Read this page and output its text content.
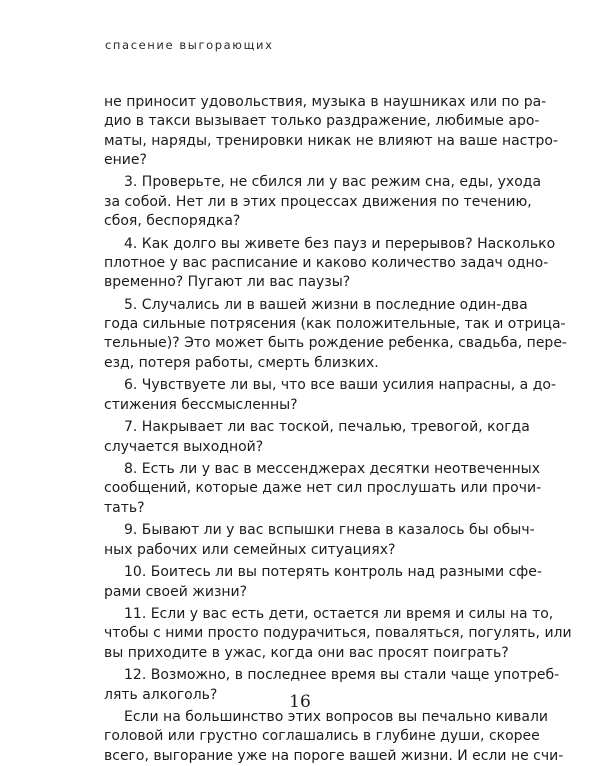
спасение выгорающих
не приносит удовольствия, музыка в наушниках или по ра-
дио в такси вызывает только раздражение, любимые аро-
маты, наряды, тренировки никак не влияют на ваше настро-
ение?
3. Проверьте, не сбился ли у вас режим сна, еды, ухода
за собой. Нет ли в этих процессах движения по течению,
сбоя, беспорядка?
4. Как долго вы живете без пауз и перерывов? Насколько
плотное у вас расписание и каково количество задач одно-
временно? Пугают ли вас паузы?
5. Случались ли в вашей жизни в последние один-два
года сильные потрясения (как положительные, так и отрица-
тельные)? Это может быть рождение ребенка, свадьба, пере-
езд, потеря работы, смерть близких.
6. Чувствуете ли вы, что все ваши усилия напрасны, а до-
стижения бессмысленны?
7. Накрывает ли вас тоской, печалью, тревогой, когда
случается выходной?
8. Есть ли у вас в мессенджерах десятки неотвеченных
сообщений, которые даже нет сил прослушать или прочи-
тать?
9. Бывают ли у вас вспышки гнева в казалось бы обыч-
ных рабочих или семейных ситуациях?
10. Боитесь ли вы потерять контроль над разными сфе-
рами своей жизни?
11. Если у вас есть дети, остается ли время и силы на то,
чтобы с ними просто подурачиться, поваляться, погулять, или
вы приходите в ужас, когда они вас просят поиграть?
12. Возможно, в последнее время вы стали чаще употреб-
лять алкоголь?
Если на большинство этих вопросов вы печально кивали
головой или грустно соглашались в глубине души, скорее
всего, выгорание уже на пороге вашей жизни. И если не счи-
16
